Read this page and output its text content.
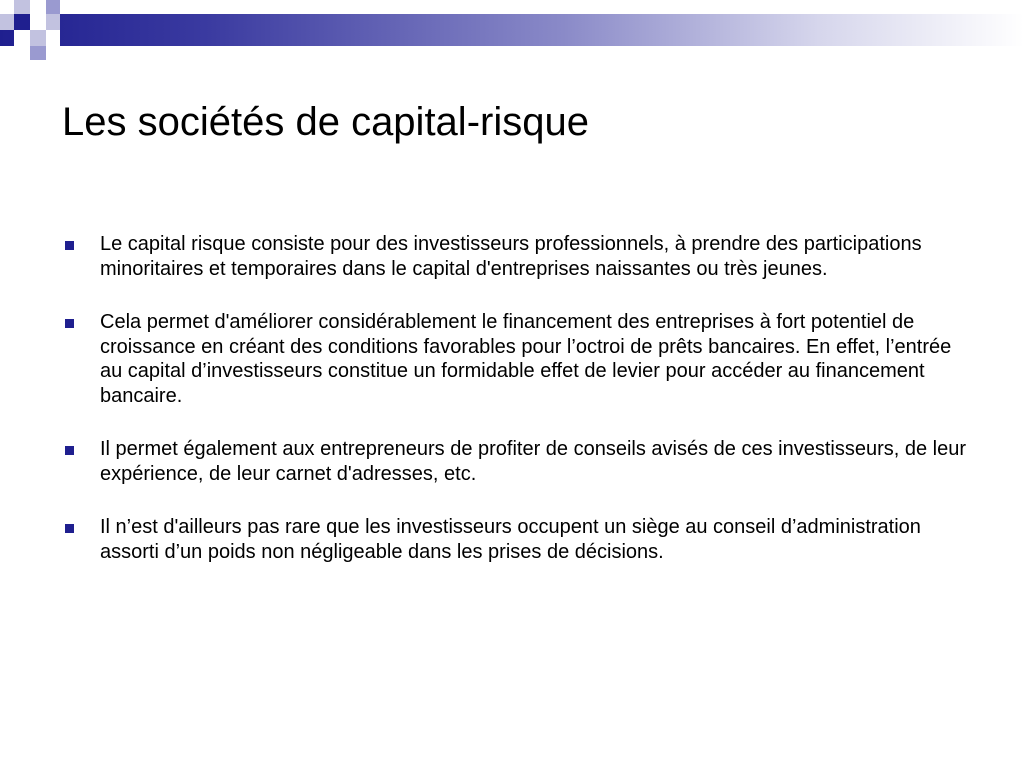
Les sociétés de capital-risque
Le capital risque consiste pour des investisseurs professionnels, à prendre des participations minoritaires et temporaires dans le capital d'entreprises naissantes ou très jeunes.
Cela permet d'améliorer considérablement le financement des entreprises à fort potentiel de croissance en créant des conditions favorables pour l’octroi de prêts bancaires. En effet, l’entrée au capital d’investisseurs constitue un formidable effet de levier pour accéder au financement bancaire.
Il permet également aux entrepreneurs de profiter de conseils avisés de ces investisseurs, de leur expérience, de leur carnet d'adresses, etc.
Il n’est d'ailleurs pas rare que les investisseurs occupent un siège au conseil d’administration assorti d’un poids non négligeable dans les prises de décisions.
